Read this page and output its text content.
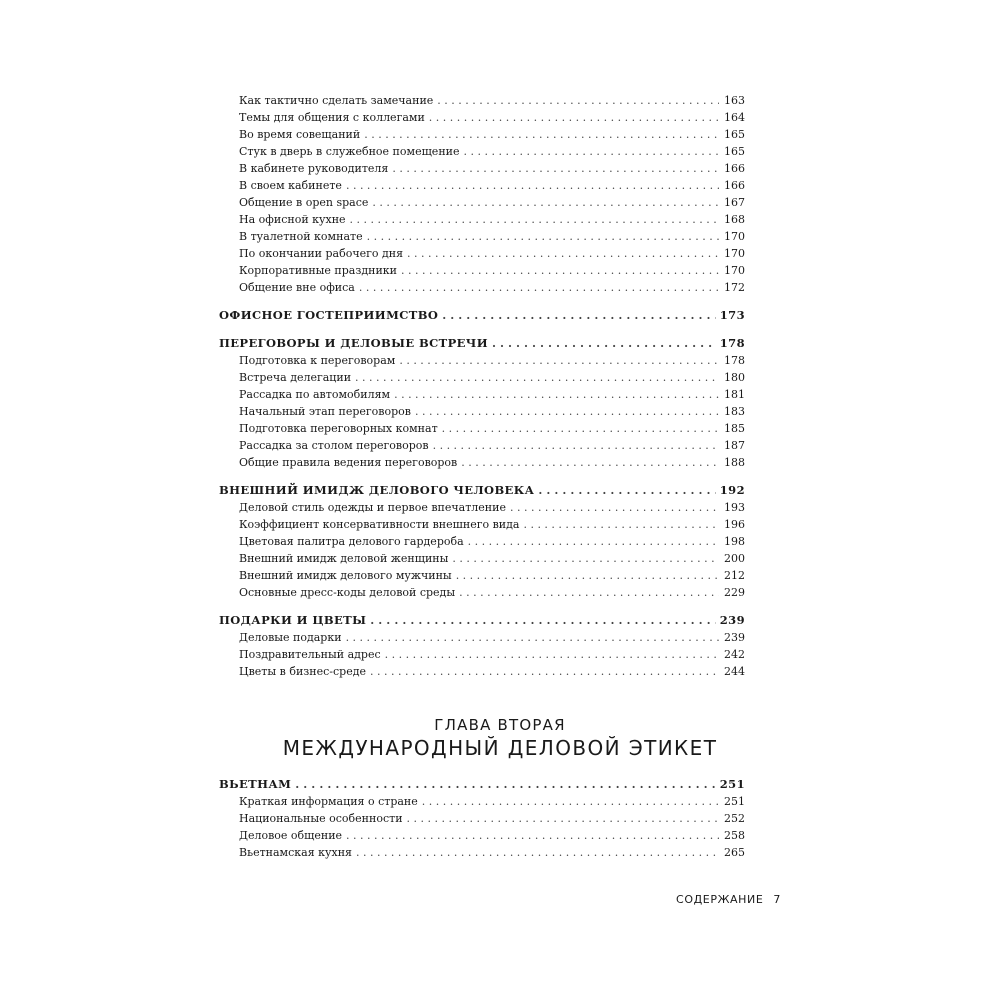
Как тактично сделать замечание . . .	163
Темы для общения с коллегами . . .	164
Во время совещаний . . .	165
Стук в дверь в служебное помещение . . .	165
В кабинете руководителя . . .	166
В своем кабинете . . .	166
Общение в open space . . .	167
На офисной кухне . . .	168
В туалетной комнате . . .	170
По окончании рабочего дня . . .	170
Корпоративные праздники . . .	170
Общение вне офиса . . .	172
ОФИСНОЕ ГОСТЕПРИИМСТВО . . .	173
ПЕРЕГОВОРЫ И ДЕЛОВЫЕ ВСТРЕЧИ . . .	178
Подготовка к переговорам . . .	178
Встреча делегации . . .	180
Рассадка по автомобилям . . .	181
Начальный этап переговоров . . .	183
Подготовка переговорных комнат . . .	185
Рассадка за столом переговоров . . .	187
Общие правила ведения переговоров . . .	188
ВНЕШНИЙ ИМИДЖ ДЕЛОВОГО ЧЕЛОВЕКА . . .	192
Деловой стиль одежды и первое впечатление . . .	193
Коэффициент консервативности внешнего вида . . .	196
Цветовая палитра делового гардероба . . .	198
Внешний имидж деловой женщины . . .	200
Внешний имидж делового мужчины . . .	212
Основные дресс-коды деловой среды . . .	229
ПОДАРКИ И ЦВЕТЫ . . .	239
Деловые подарки . . .	239
Поздравительный адрес . . .	242
Цветы в бизнес-среде . . .	244
ГЛАВА ВТОРАЯ
МЕЖДУНАРОДНЫЙ ДЕЛОВОЙ ЭТИКЕТ
ВЬЕТНАМ . . .	251
Краткая информация о стране . . .	251
Национальные особенности . . .	252
Деловое общение . . .	258
Вьетнамская кухня . . .	265
СОДЕРЖАНИЕ 7
